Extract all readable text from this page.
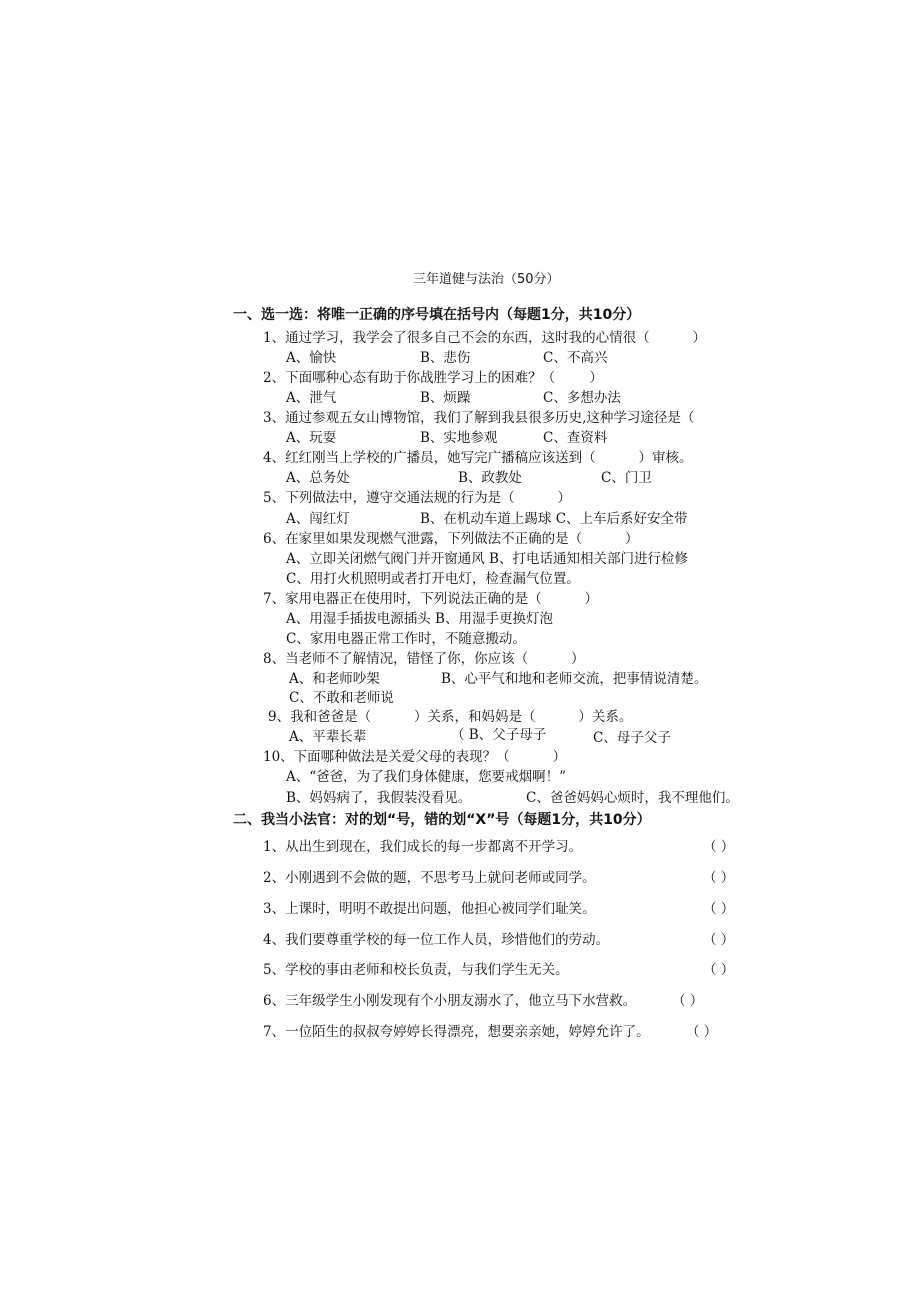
三年道健与法治（50分）
一、选一选：将唯一正确的序号填在括号内（每题1分，共10分）
1、通过学习，我学会了很多自己不会的东西，这时我的心情很（          ）
A、愉快	B、悲伤	C、不高兴
2、下面哪种心态有助于你战胜学习上的困难？（        ）
A、泄气	B、烦躁	C、多想办法
3、通过参观五女山博物馆，我们了解到我县很多历史,这种学习途径是（
A、玩耍	B、实地参观	C、查资料
4、红红刚当上学校的广播员，她写完广播稿应该送到（          ）审核。
A、总务处	B、政教处	C、门卫
5、下列做法中，遵守交通法规的行为是（          ）
A、闯红灯	B、在机动车道上踢球 C、上车后系好安全带
6、在家里如果发现燃气泄露，下列做法不正确的是（          ）
A、立即关闭燃气阀门并开窗通风 B、打电话通知相关部门进行检修
C、用打火机照明或者打开电灯，检查漏气位置。
7、家用电器正在使用时，下列说法正确的是（          ）
A、用湿手插拔电源插头 B、用湿手更换灯泡
C、家用电器正常工作时，不随意搬动。
8、当老师不了解情况，错怪了你，你应该（          ）
A、和老师吵架	B、心平气和地和老师交流，把事情说清楚。
C、不敢和老师说
9、我和爸爸是（          ）关系，和妈妈是（          ）关系。
A、平辈长辈	（ B、父子母子	C、母子父子
10、下面哪种做法是关爱父母的表现？（          ）
A、“爸爸，为了我们身体健康，您要戒烟啊！”
B、妈妈病了，我假装没看见。	C、爸爸妈妈心烦时，我不理他们。
二、我当小法官：对的划“号，错的划“X”号（每题1分，共10分）
1、从出生到现在，我们成长的每一步都离不开学习。	（ ）
2、小刚遇到不会做的题，不思考马上就问老师或同学。	（ ）
3、上课时，明明不敢提出问题，他担心被同学们耻笑。	（ ）
4、我们要尊重学校的每一位工作人员，珍惜他们的劳动。	（ ）
5、学校的事由老师和校长负责，与我们学生无关。	（ ）
6、三年级学生小刚发现有个小朋友溺水了，他立马下水营救。	（ ）
7、一位陌生的叔叔夸婷婷长得漂亮，想要亲亲她，婷婷允许了。	（ ）
